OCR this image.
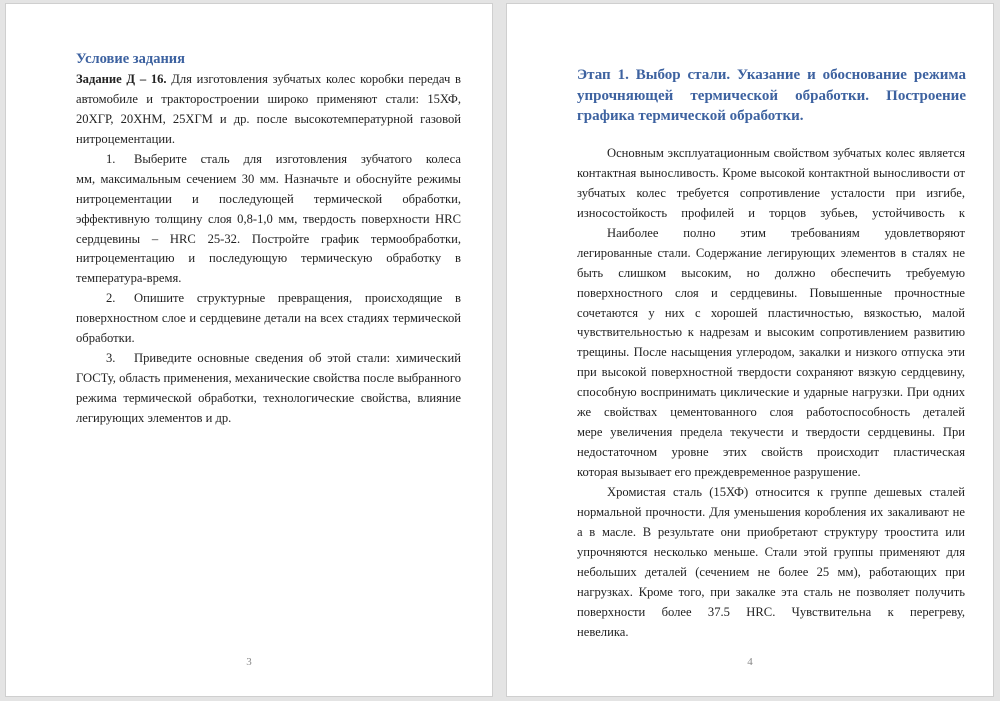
Условие задания
Задание Д – 16. Для изготовления зубчатых колес коробки передач в
автомобиле и тракторостроении широко применяют стали: 15ХФ,
20ХГР, 20ХНМ, 25ХГМ и др. после высокотемпературной газовой
нитроцементации.
1. Выберите сталь для изготовления зубчатого колеса
мм, максимальным сечением 30 мм. Назначьте и обоснуйте режимы
нитроцементации и последующей термической обработки,
эффективную толщину слоя 0,8-1,0 мм, твердость поверхности HRC
сердцевины – HRC 25-32. Постройте график термообработки,
нитроцементацию и последующую термическую обработку в
температура-время.
2. Опишите структурные превращения, происходящие в
поверхностном слое и сердцевине детали на всех стадиях термической
обработки.
3. Приведите основные сведения об этой стали: химический
ГОСТу, область применения, механические свойства после выбранного
режима термической обработки, технологические свойства, влияние
легирующих элементов и др.
3
Этап 1. Выбор стали. Указание и обоснование режима
упрочняющей термической обработки. Построение
графика термической обработки.
Основным эксплуатационным свойством зубчатых колес является
контактная выносливость. Кроме высокой контактной выносливости от
зубчатых колес требуется сопротивление усталости при изгибе,
износостойкость профилей и торцов зубьев, устойчивость к
Наиболее полно этим требованиям удовлетворяют
легированные стали. Содержание легирующих элементов в сталях не
быть слишком высоким, но должно обеспечить требуемую
поверхностного слоя и сердцевины. Повышенные прочностные
сочетаются у них с хорошей пластичностью, вязкостью, малой
чувствительностью к надрезам и высоким сопротивлением развитию
трещины. После насыщения углеродом, закалки и низкого отпуска эти
при высокой поверхностной твердости сохраняют вязкую сердцевину,
способную воспринимать циклические и ударные нагрузки. При одних
же свойствах цементованного слоя работоспособность деталей
мере увеличения предела текучести и твердости сердцевины. При
недостаточном уровне этих свойств происходит пластическая
которая вызывает его преждевременное разрушение.
Хромистая сталь (15ХФ) относится к группе дешевых сталей
нормальной прочности. Для уменьшения коробления их закаливают не
а в масле. В результате они приобретают структуру троостита или
упрочняются несколько меньше. Стали этой группы применяют для
небольших деталей (сечением не более 25 мм), работающих при
нагрузках. Кроме того, при закалке эта сталь не позволяет получить
поверхности более 37.5 HRC. Чувствительна к перегреву,
невелика.
4
